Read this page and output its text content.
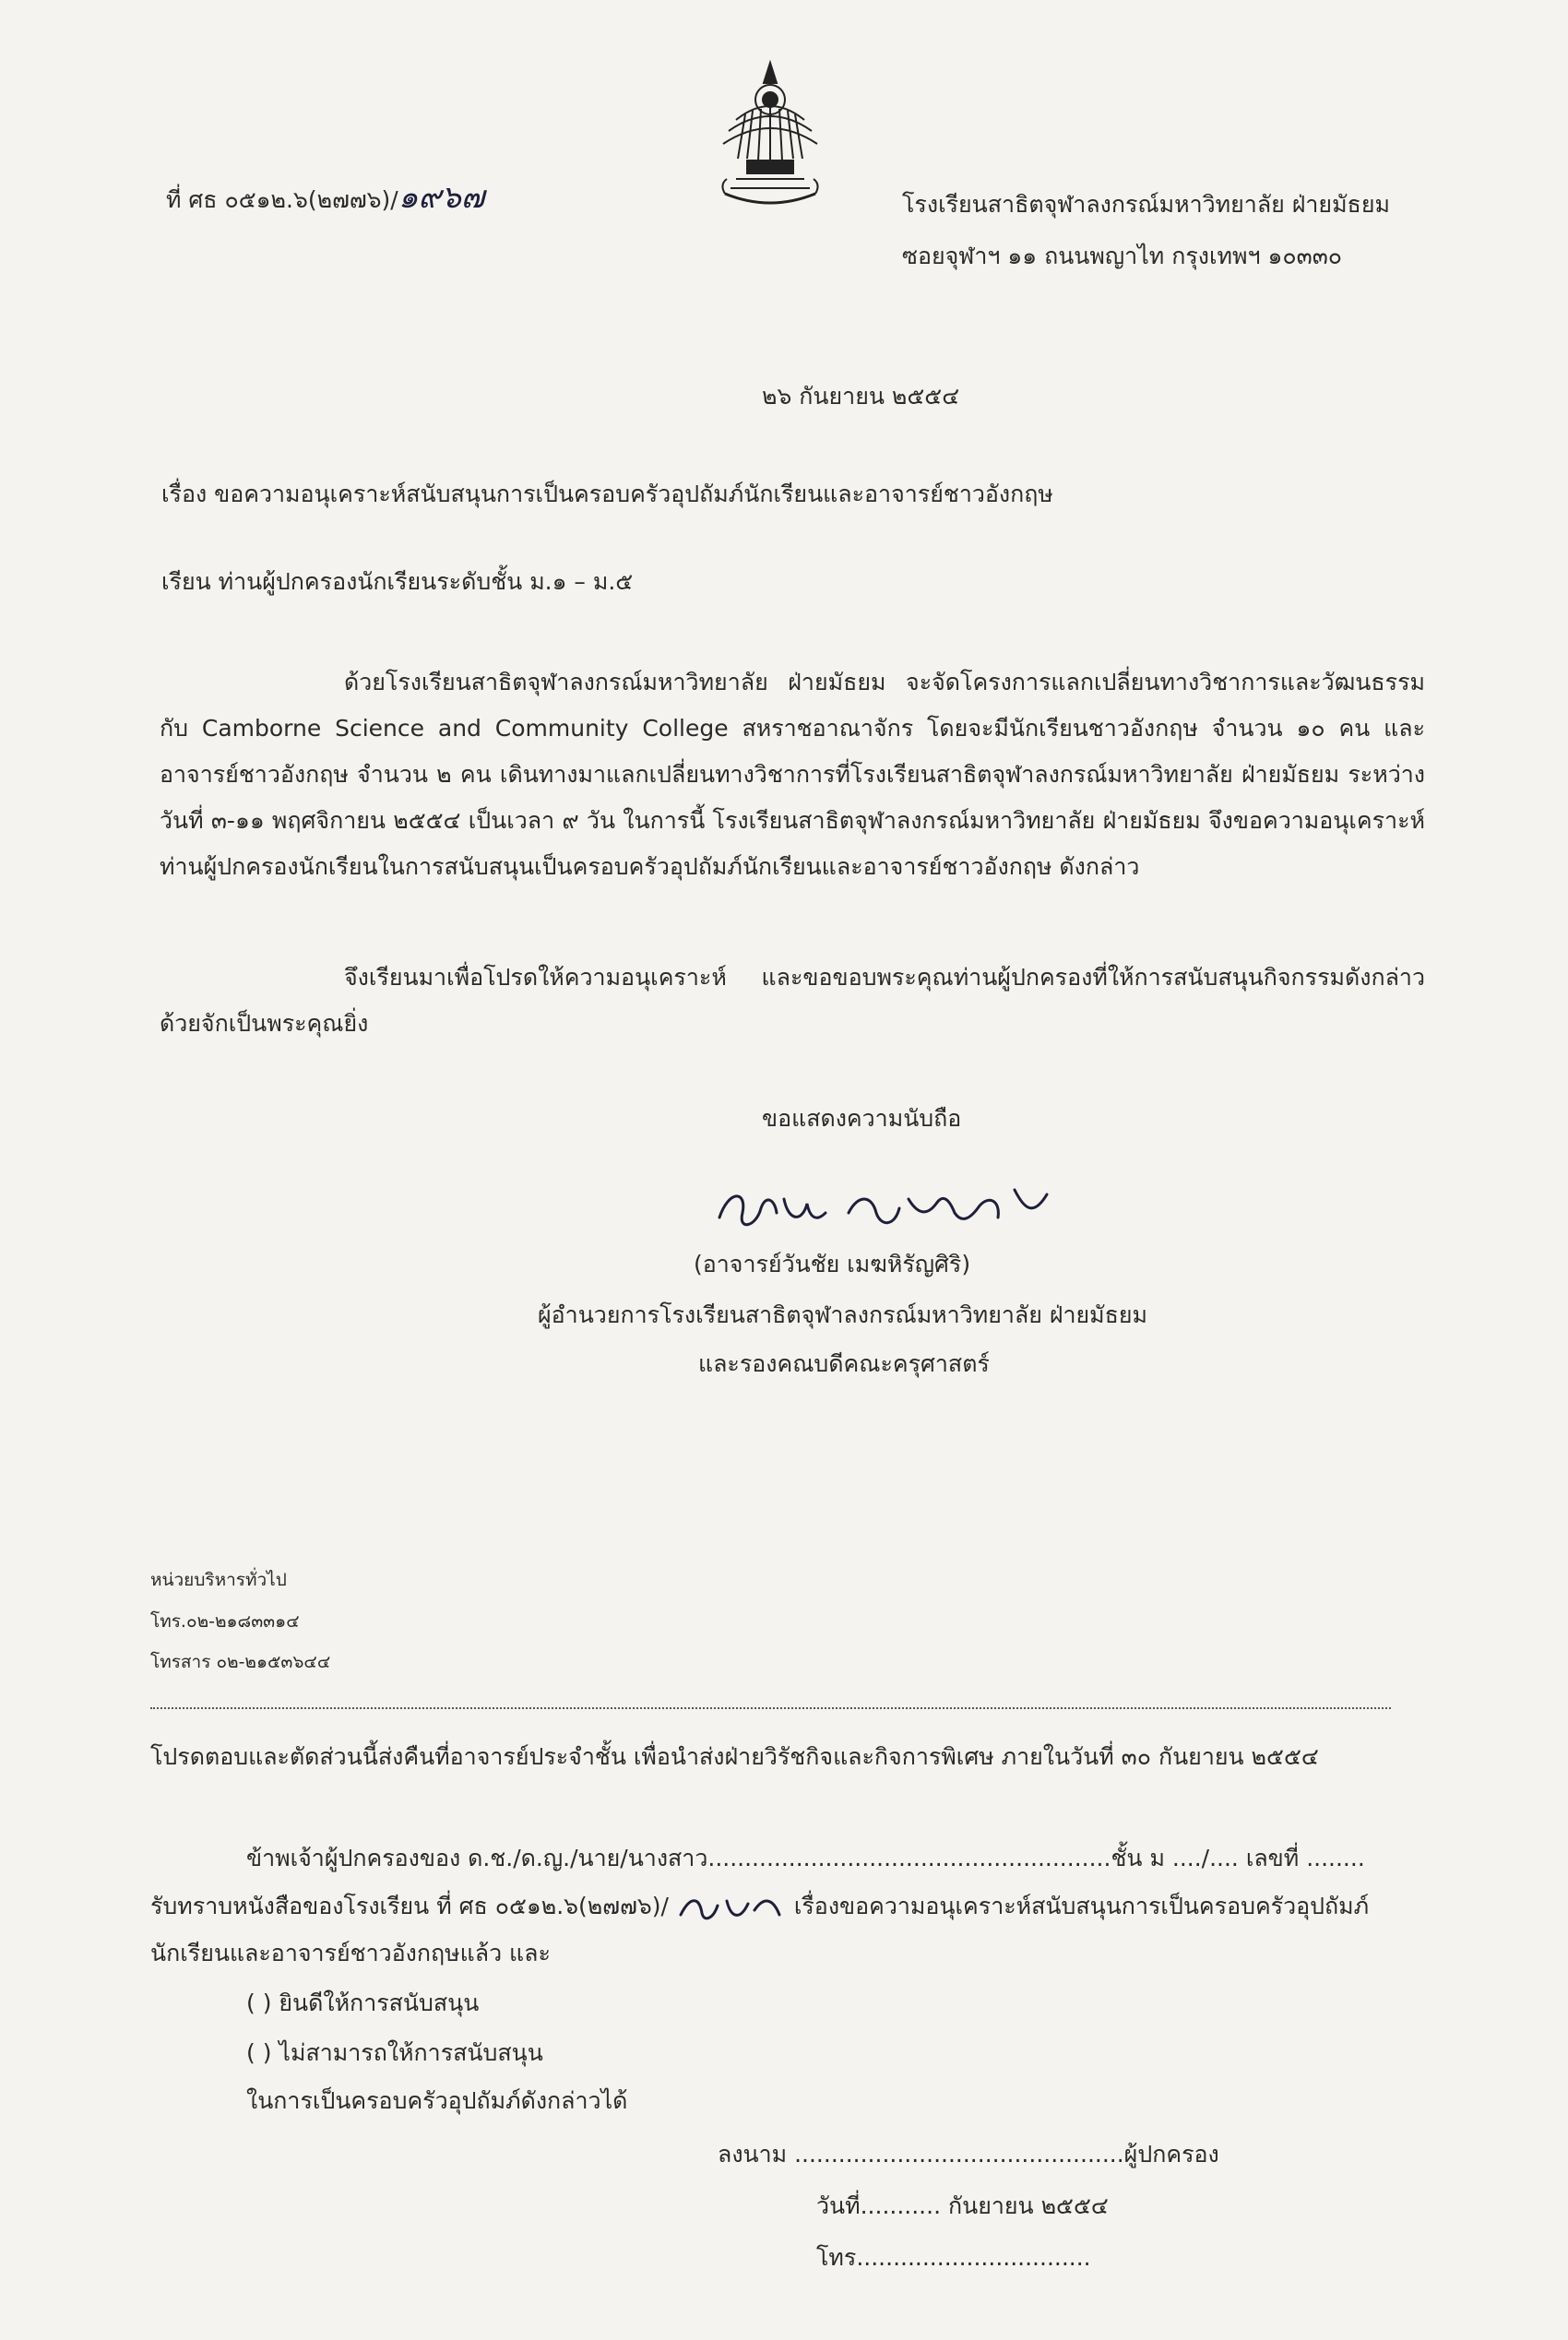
ที่ ศธ ๐๕๑๒.๖(๒๗๗๖)/๑๙๖๗	โรงเรียนสาธิตจุฬาลงกรณ์มหาวิทยาลัย ฝ่ายมัธยม
ซอยจุฬาฯ ๑๑ ถนนพญาไท กรุงเทพฯ ๑๐๓๓๐
๒๖ กันยายน ๒๕๕๔
เรื่อง ขอความอนุเคราะห์สนับสนุนการเป็นครอบครัวอุปถัมภ์นักเรียนและอาจารย์ชาวอังกฤษ
เรียน ท่านผู้ปกครองนักเรียนระดับชั้น ม.๑ – ม.๕
ด้วยโรงเรียนสาธิตจุฬาลงกรณ์มหาวิทยาลัย ฝ่ายมัธยม จะจัดโครงการแลกเปลี่ยนทางวิชาการและวัฒนธรรมกับ Camborne Science and Community College สหราชอาณาจักร โดยจะมีนักเรียนชาวอังกฤษ จำนวน ๑๐ คน และอาจารย์ชาวอังกฤษ จำนวน ๒ คน เดินทางมาแลกเปลี่ยนทางวิชาการที่โรงเรียนสาธิตจุฬาลงกรณ์มหาวิทยาลัย ฝ่ายมัธยม ระหว่างวันที่ ๓-๑๑ พฤศจิกายน ๒๕๕๔ เป็นเวลา ๙ วัน ในการนี้ โรงเรียนสาธิตจุฬาลงกรณ์มหาวิทยาลัย ฝ่ายมัธยม จึงขอความอนุเคราะห์ท่านผู้ปกครองนักเรียนในการสนับสนุนเป็นครอบครัวอุปถัมภ์นักเรียนและอาจารย์ชาวอังกฤษ ดังกล่าว
จึงเรียนมาเพื่อโปรดให้ความอนุเคราะห์ และขอขอบพระคุณท่านผู้ปกครองที่ให้การสนับสนุนกิจกรรมดังกล่าวด้วยจักเป็นพระคุณยิ่ง
ขอแสดงความนับถือ
(อาจารย์วันชัย เมฆหิรัญศิริ)
ผู้อำนวยการโรงเรียนสาธิตจุฬาลงกรณ์มหาวิทยาลัย ฝ่ายมัธยม
และรองคณบดีคณะครุศาสตร์
หน่วยบริหารทั่วไป
โทร.๐๒-๒๑๘๓๓๑๔
โทรสาร ๐๒-๒๑๕๓๖๔๔
โปรดตอบและตัดส่วนนี้ส่งคืนที่อาจารย์ประจำชั้น เพื่อนำส่งฝ่ายวิรัชกิจและกิจการพิเศษ ภายในวันที่ ๓๐ กันยายน ๒๕๕๔
ข้าพเจ้าผู้ปกครองของ ด.ช./ด.ญ./นาย/นางสาว.......................................................ชั้น ม ..../.... เลขที่ ........
รับทราบหนังสือของโรงเรียน ที่ ศธ ๐๕๑๒.๖(๒๗๗๖)/	เรื่องขอความอนุเคราะห์สนับสนุนการเป็นครอบครัวอุปถัมภ์
นักเรียนและอาจารย์ชาวอังกฤษแล้ว และ
( ) ยินดีให้การสนับสนุน
( ) ไม่สามารถให้การสนับสนุน
ในการเป็นครอบครัวอุปถัมภ์ดังกล่าวได้
ลงนาม .............................................ผู้ปกครอง
วันที่........... กันยายน ๒๕๕๔
โทร................................
